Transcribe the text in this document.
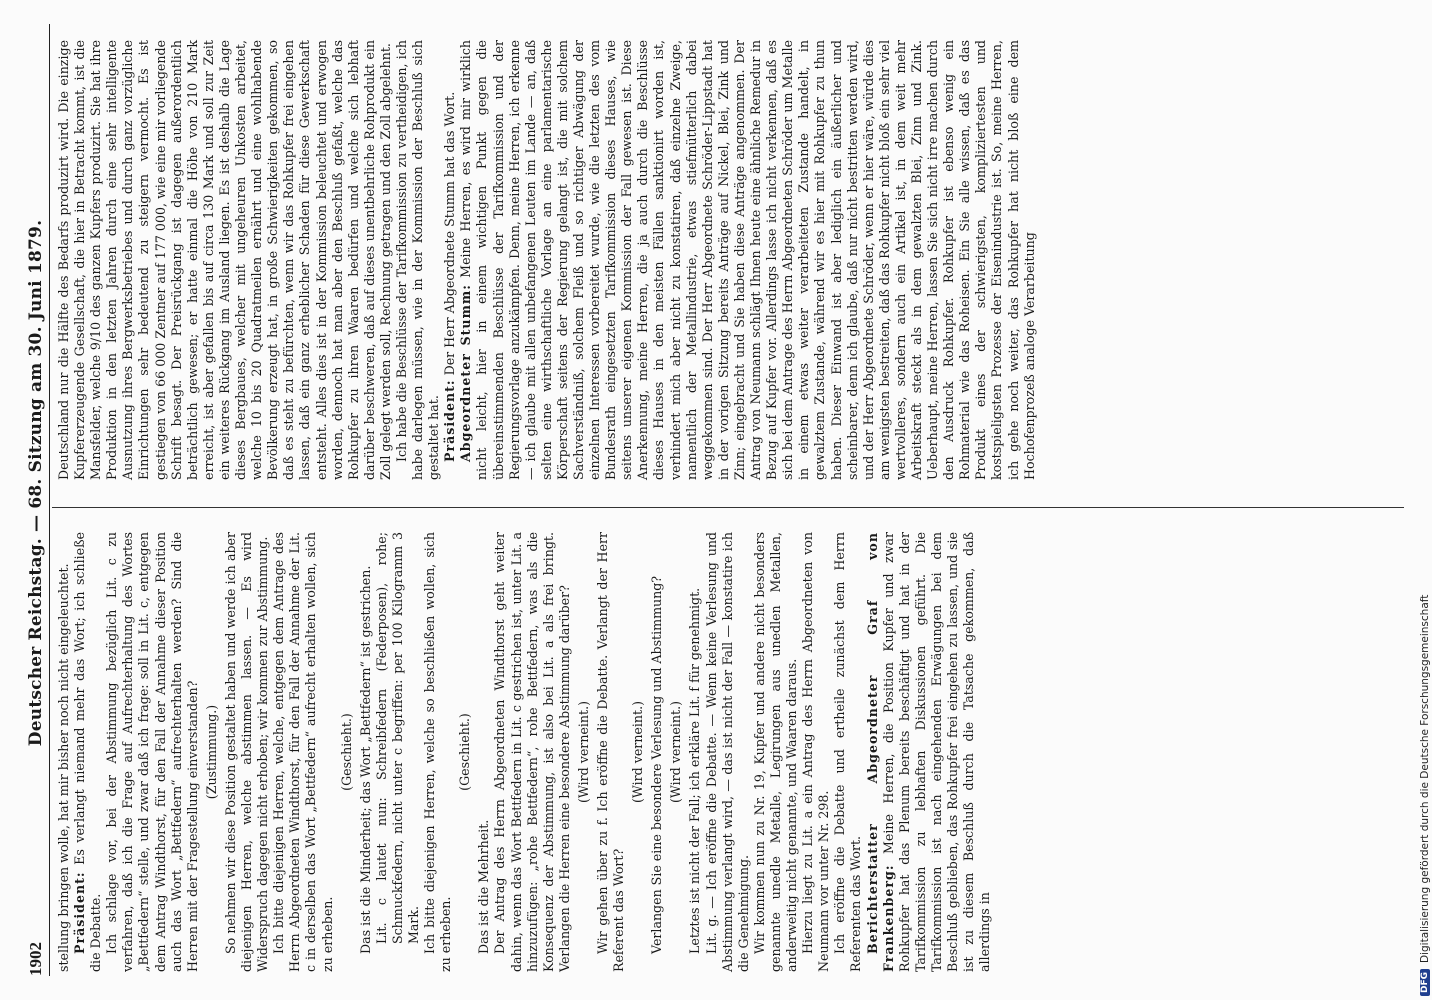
1902
Deutscher Reichstag. — 68. Sitzung am 30. Juni 1879.

stellung bringen wolle, hat mir bisher noch nicht eingeleuchtet. Präsident: Es verlangt niemand mehr das Wort; ich schließe die Debatte. Ich schlage vor, bei der Abstimmung bezüglich Lit. c zu verfahren, daß ich die Frage auf Aufrechterhaltung des Wortes „Bettfedern“ stelle, und zwar daß ich frage: soll in Lit. c, entgegen dem Antrag Windthorst, für den Fall der Annahme dieser Position auch das Wort „Bettfedern“ aufrechterhalten werden? Sind die Herren mit der Fragestellung einverstanden? (Zustimmung.) So nehmen wir diese Position gestaltet haben und werde ich aber diejenigen Herren, welche abstimmen lassen. — Es wird Widerspruch dagegen nicht erhoben; wir kommen zur Abstimmung. Ich bitte diejenigen Herren, welche, entgegen dem Antrage des Herrn Abgeordneten Windthorst, für den Fall der Annahme der Lit. c in derselben das Wort „Bettfedern“ aufrecht erhalten wollen, sich zu erheben.

(Geschieht.) Das ist die Minderheit; das Wort „Bettfedern“ ist gestrichen. Lit. c lautet nun: Schreibfedern (Federposen), rohe; Schmuckfedern, nicht unter c begriffen: per 100 Kilogramm 3 Mark. Ich bitte diejenigen Herren, welche so beschließen wollen, sich zu erheben.

(Geschieht.)

Das ist die Mehrheit. Der Antrag des Herrn Abgeordneten Windthorst geht weiter dahin, wenn das Wort Bettfedern in Lit. c gestrichen ist, unter Lit. a hinzuzufügen: „rohe Bettfedern“, rohe Bettfedern, was als die Konsequenz der Abstimmung, ist also bei Lit. a als frei bringt. Verlangen die Herren eine besondere Abstimmung darüber? (Wird verneint.) Wir gehen über zu f. Ich eröffne die Debatte. Verlangt der Herr Referent das Wort?

(Wird verneint.) Verlangen Sie eine besondere Verlesung und Abstimmung? (Wird verneint.) Letztes ist nicht der Fall; ich erkläre Lit. f für genehmigt. Lit. g. — Ich eröffne die Debatte. — Wenn keine Verlesung und Abstimmung verlangt wird, — das ist nicht der Fall — konstatire ich die Genehmigung. Wir kommen nun zu Nr. 19, Kupfer und andere nicht besonders genannte unedle Metalle, Legirungen aus unedlen Metallen, anderweitig nicht genannte, und Waaren daraus. Hierzu liegt zu Lit. a ein Antrag des Herrn Abgeordneten von Neumann vor unter Nr. 298. Ich eröffne die Debatte und ertheile zunächst dem Herrn Referenten das Wort. Berichterstatter Abgeordneter Graf von Frankenberg: Meine Herren, die Position Kupfer und zwar Rohkupfer hat das Plenum bereits beschäftigt und hat in der Tarifkommission zu lebhaften Diskussionen geführt. Die Tarifkommission ist nach eingehenden Erwägungen bei dem Beschluß geblieben, das Rohkupfer frei eingehen zu lassen, und sie ist zu diesem Beschluß durch die Tatsache gekommen, daß allerdings in

Deutschland nur die Hälfte des Bedarfs produzirt wird. Die einzige Kupfererzeugende Gesellschaft, die hier in Betracht kommt, ist die Mansfelder, welche 9/10 des ganzen Kupfers produzirt. Sie hat ihre Produktion in den letzten Jahren durch eine sehr intelligente Ausnutzung ihres Bergwerksbetriebes und durch ganz vorzügliche Einrichtungen sehr bedeutend zu steigern vermocht. Es ist gestiegen von 66 000 Zentner auf 177 000, wie eine mir vorliegende Schrift besagt. Der Preisrückgang ist dagegen außerordentlich beträchtlich gewesen; er hatte einmal die Höhe von 210 Mark erreicht, ist aber gefallen bis auf circa 130 Mark und soll zur Zeit ein weiteres Rückgang im Ausland liegen. Es ist deshalb die Lage dieses Bergbaues, welcher mit ungeheuren Unkosten arbeitet, welche 10 bis 20 Quadratmeilen ernährt und eine wohlhabende Bevölkerung erzeugt hat, in große Schwierigkeiten gekommen, so daß es steht zu befürchten, wenn wir das Rohkupfer frei eingehen lassen, daß ein ganz erheblicher Schaden für diese Gewerkschaft entsteht. Alles dies ist in der Kommission beleuchtet und erwogen worden, dennoch hat man aber den Beschluß gefaßt, welche das Rohkupfer zu ihren Waaren bedürfen und welche sich lebhaft darüber beschweren, daß auf dieses unentbehrliche Rohprodukt ein Zoll gelegt werden soll, Rechnung getragen und den Zoll abgelehnt. Ich habe die Beschlüsse der Tarifkommission zu vertheidigen, ich habe darlegen müssen, wie in der Kommission der Beschluß sich gestaltet hat. Präsident: Der Herr Abgeordnete Stumm hat das Wort. Abgeordneter Stumm: Meine Herren, es wird mir wirklich nicht leicht, hier in einem wichtigen Punkt gegen die übereinstimmenden Beschlüsse der Tarifkommission und der Regierungsvorlage anzukämpfen. Denn, meine Herren, ich erkenne — ich glaube mit allen unbefangenen Leuten im Lande — an, daß selten eine wirthschaftliche Vorlage an eine parlamentarische Körperschaft seitens der Regierung gelangt ist, die mit solchem Sachverständniß, solchem Fleiß und so richtiger Abwägung der einzelnen Interessen vorbereitet wurde, wie die letzten des vom Bundesrath eingesetzten Tarifkommission dieses Hauses, wie seitens unserer eigenen Kommission der Fall gewesen ist. Diese Anerkennung, meine Herren, die ja auch durch die Beschlüsse dieses Hauses in den meisten Fällen sanktionirt worden ist, verhindert mich aber nicht zu konstatiren, daß einzelne Zweige, namentlich der Metallindustrie, etwas stiefmütterlich dabei weggekommen sind. Der Herr Abgeordnete Schröder-Lippstadt hat in der vorigen Sitzung bereits Anträge auf Nickel, Blei, Zink und Zinn; eingebracht und Sie haben diese Anträge angenommen. Der Antrag von Neumann schlägt Ihnen heute eine ähnliche Remedur in Bezug auf Kupfer vor. Allerdings lasse ich nicht verkennen, daß es sich bei dem Antrage des Herrn Abgeordneten Schröder um Metalle in einem etwas weiter verarbeiteten Zustande handelt, in gewalztem Zustande, während wir es hier mit Rohkupfer zu thun haben. Dieser Einwand ist aber lediglich ein äußerlicher und scheinbarer, denn ich glaube, daß nur nicht bestritten werden wird, und der Herr Abgeordnete Schröder, wenn er hier wäre, würde dies am wenigsten bestreiten, daß das Rohkupfer nicht bloß ein sehr viel wertvolleres, sondern auch ein Artikel ist, in dem weit mehr Arbeitskraft steckt als in dem gewalzten Blei, Zinn und Zink. Ueberhaupt, meine Herren, lassen Sie sich nicht irre machen durch den Ausdruck Rohkupfer. Rohkupfer ist ebenso wenig ein Rohmaterial wie das Roheisen. Ein Sie alle wissen, daß es das Produkt eines der schwierigsten, kompliziertesten und kostspieligsten Prozesse der Eisenindustrie ist. So, meine Herren, ich gehe noch weiter, das Rohkupfer hat nicht bloß eine dem Hochofenprozeß analoge Verarbeitung

DFG
Digitalisierung gefördert durch die Deutsche Forschungsgemeinschaft
